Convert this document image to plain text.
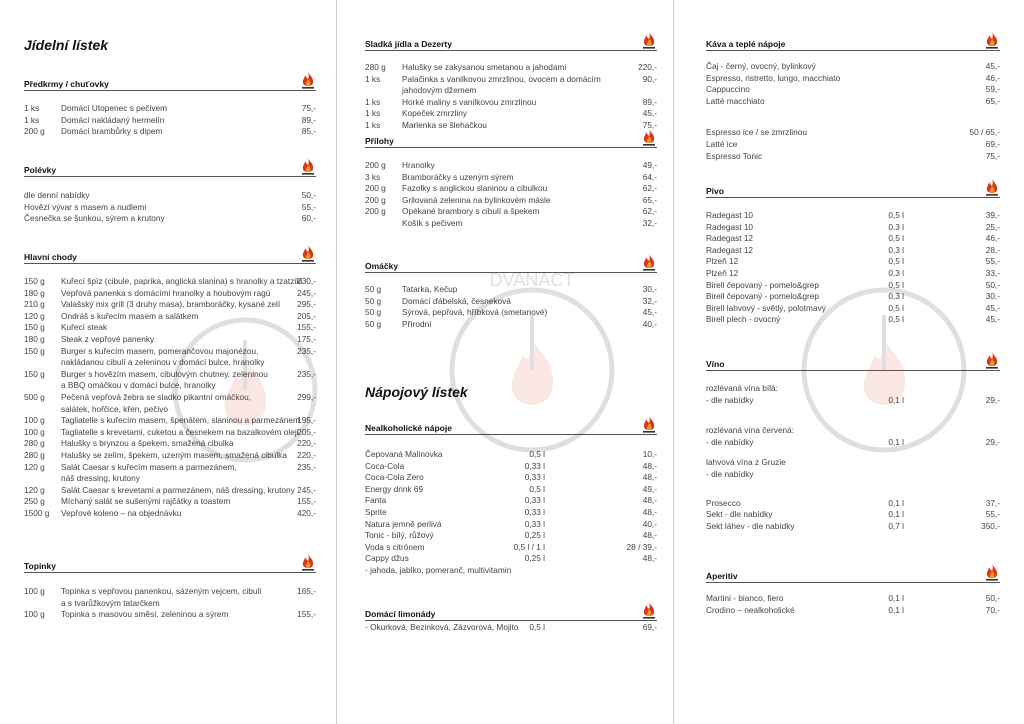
Jídelní lístek
Předkrmy / chuťovky
1 ks	Domácí Utopenec s pečivem	75,-
1 ks	Domácí nakládaný hermelín	89,-
200 g Domácí brambůrky s dipem	85,-
Polévky
dle denní nabídky	50,-
Hovězí vývar s masem a nudlemi	55,-
Česnečka se šunkou, sýrem a krutony	60,-
Hlavní chody
150 g Kuřecí špíz (cibule, paprika, anglická slanina) s hranolky a tzatziki
230,-
180 g Vepřová panenka s domácími hranolky a houbovým ragú	245,-
210 g Valašský mix grill (3 druhy masa), bramboráčky, kysané zelí 295,-
120 g Ondráš s kuřecím masem a salátkem	205,-
150 g Kuřecí steak	155,-
180 g Steak z vepřové panenky	175,-
150 g Burger s kuřecím masem, pomerančovou majonézou,
nakládanou cibulí a zeleninou v domácí bulce, hranolky
235,-
150 g Burger s hovězím masem, cibulovým chutney, zeleninou
a BBQ omáčkou v domácí bulce, hranolky
235,-
500 g Pečená vepřová žebra se sladko pikantní omáčkou,
salátek, hořčice, křen, pečivo
299,-
100 g Tagliatelle s kuřecím masem, špenátem, slaninou a parmezánem
195,-
100 g Tagliatelle s krevetami, cuketou a česnekem na bazalkovém oleji
205,-
280 g Halušky s brynzou a špekem, smažená cibulka	220,-
280 g Halušky se zelím, špekem, uzeným masem, smažená cibulka 220,-
120 g Salát Caesar s kuřecím masem a parmezánem,
náš dressing, krutony
235,-
120 g Salát Caesar s krevetami a parmezánem, náš dressing, krutony 245,-
250 g Míchaný salát se sušenými rajčátky a toastem	155,-
1500 g Vepřové koleno – na objednávku	420,-
Topinky
100 g Topinka s vepřovou panenkou, sázeným vejcem, cibulí
a s tvarůžkovým tatarčkem
165,-
100 g Topinka s masovou směsí, zeleninou a sýrem	155,-
Sladká jídla a Dezerty
280 g Halušky se zakysanou smetanou a jahodami	220,-
1 ks	Palačinka s vanilkovou zmrzlinou, ovocem a domácím
jahodovým džemem
90,-
1 ks	Horké maliny s vanilkovou zmrzlinou	89,-
1 ks	Kopeček zmrzliny	45,-
1 ks	Marlenka se šlehačkou	75,-
Přílohy
200 g Hranolky	49,-
3 ks	Bramboráčky s uzeným sýrem	64,-
200 g Fazolky s anglickou slaninou a cibulkou	62,-
200 g Grilovaná zelenina na bylinkovém másle	65,-
200 g Opékané brambory s cibulí a špekem	62,-
Košík s pečivem	32,-
Omáčky
50 g	Tatarka, Kečup	30,-
50 g	Domácí ďábelská, česneková	32,-
50 g	Sýrová, pepřová, hříbková (smetanové)	45,-
50 g	Přírodní	40,-
Nápojový lístek
Nealkoholické nápoje
Čepovaná Malinovka	0,5 l	10,-
Coca-Cola	0,33 l	48,-
Coca-Cola Zero	0,33 l	48,-
Energy drink 69	0,5 l	49,-
Fanta	0,33 l	48,-
Sprite	0,33 l	48,-
Natura jemně perlivá	0,33 l	40,-
Tonic - bílý, růžový	0,25 l	48,-
Voda s citrónem	0,5 l / 1 l	28 / 39,-
Cappy džus	0,25 l	48,-
- jahoda, jablko, pomeranč, multivitamin
Domácí limonády
- Okurková, Bezinková, Zázvorová, Mojito 0,5 l	69,-
DVANACT
Káva a teplé nápoje
Čaj - černý, ovocný, bylinkový	45,-
Espresso, ristretto, lungo, macchiato	46,-
Cappuccino	59,-
Latté macchiato	65,-
Espresso ice / se zmrzlinou	50 / 65,-
Latté ice	69,-
Espresso Tonic	75,-
Pivo
Radegast 10	0,5 l	39,-
Radegast 10	0,3 l	25,-
Radegast 12	0,5 l	46,-
Radegast 12	0,3 l	28,-
Plzeň 12	0,5 l	55,-
Plzeň 12	0,3 l	33,-
Birell čepovaný - pomelo&grep	0,5 l	50,-
Birell čepovaný - pomelo&grep	0,3 l	30,-
Birell lahvový - světlý, polotmavý	0,5 l	45,-
Birell plech - ovocný	0,5 l	45,-
Víno
rozlévaná vína bílá:
- dle nabídky	0,1 l	29,-
rozlévaná vína červená:
- dle nabídky	0,1 l	29,-
lahvová vína z Gruzie
- dle nabídky
Prosecco	0,1 l	37,-
Sekt - dle nabídky	0,1 l	55,-
Sekt láhev - dle nabídky	0,7 l	350,-
Aperitiv
Martini - bianco, fiero	0,1 l	50,-
Crodino – nealkoholické	0,1 l	70,-
